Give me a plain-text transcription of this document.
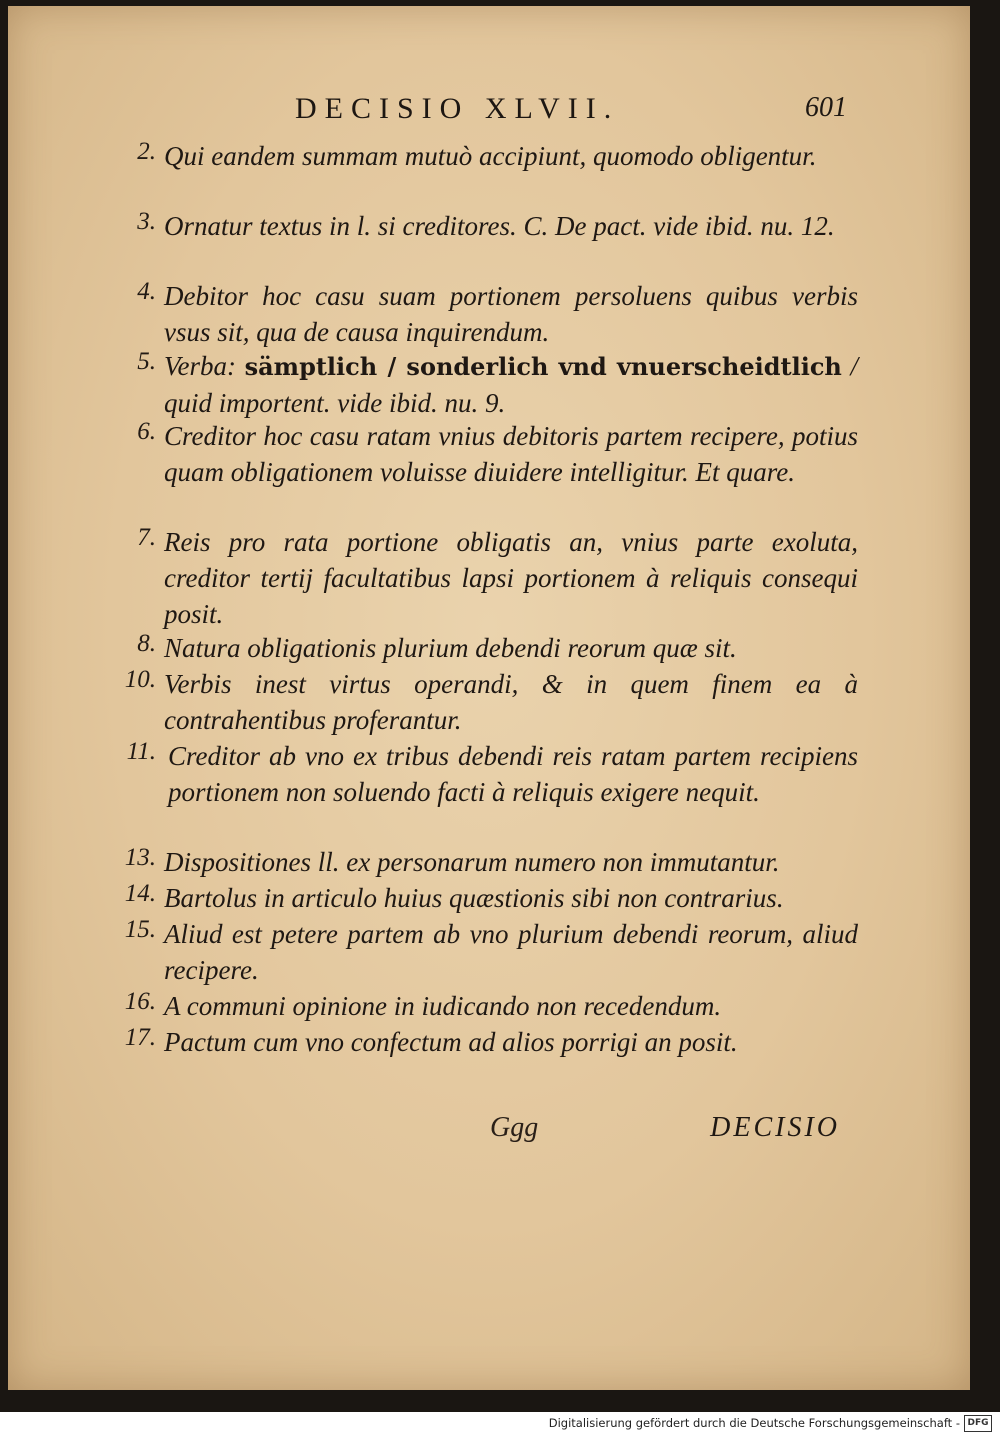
DECISIO XLVII.	601
2. Qui eandem summam mutuò accipiunt, quomodo obligentur.
3. Ornatur textus in l. si creditores. C. De pact. vide ibid. nu. 12.
4. Debitor hoc casu suam portionem persoluens quibus verbis vsus sit, qua de causa inquirendum.
5. Verba: sämptlich / sonderlich vnd vnuerscheidtlich / quid importent. vide ibid. nu. 9.
6. Creditor hoc casu ratam vnius debitoris partem recipere, potius quam obligationem voluisse diuidere intelligitur. Et quare.
7. Reis pro rata portione obligatis an, vnius parte exoluta, creditor tertij facultatibus lapsi portionem à reliquis consequi posit.
8. Natura obligationis plurium debendi reorum quæ sit.
10. Verbis inest virtus operandi, & in quem finem ea à contrahentibus proferantur.
11. Creditor ab vno ex tribus debendi reis ratam partem recipiens portionem non soluendo facti à reliquis exigere nequit.
13. Dispositiones ll. ex personarum numero non immutantur.
14. Bartolus in articulo huius quæstionis sibi non contrarius.
15. Aliud est petere partem ab vno plurium debendi reorum, aliud recipere.
16. A communi opinione in iudicando non recedendum.
17. Pactum cum vno confectum ad alios porrigi an posit.
Ggg	DECISIO
Digitalisierung gefördert durch die Deutsche Forschungsgemeinschaft - DFG
